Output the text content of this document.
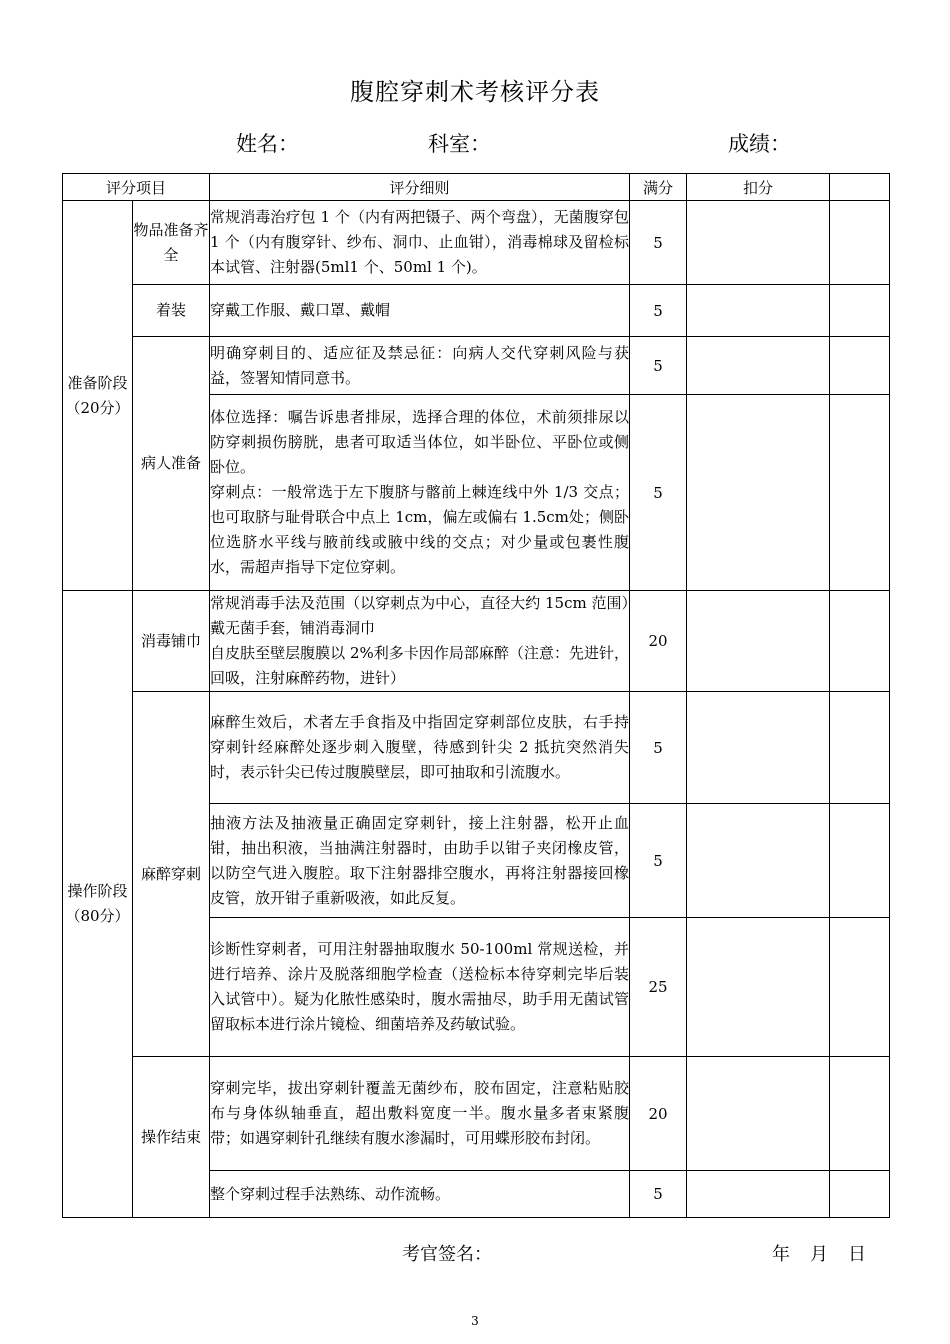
腹腔穿刺术考核评分表
姓名：	科室：	成绩：
评分项目		评分细则	满分	扣分	
准备阶段（20分）	物品准备齐全	常规消毒治疗包 1 个（内有两把镊子、两个弯盘），无菌腹穿包 1 个（内有腹穿针、纱布、洞巾、止血钳），消毒棉球及留检标本试管、注射器(5ml1 个、50ml 1 个)。	5		
	着装	穿戴工作服、戴口罩、戴帽	5		
	病人准备	明确穿刺目的、适应征及禁忌征：向病人交代穿刺风险与获益，签署知情同意书。	5		

		体位选择：嘱告诉患者排尿，选择合理的体位，术前须排尿以防穿刺损伤膀胱，患者可取适当体位，如半卧位、平卧位或侧卧位。
穿刺点：一般常选于左下腹脐与髂前上棘连线中外 1/3 交点；也可取脐与耻骨联合中点上 1cm，偏左或偏右 1.5cm处；侧卧位选脐水平线与腋前线或腋中线的交点；对少量或包裹性腹水，需超声指导下定位穿刺。	5		
操作阶段（80分）	消毒铺巾	常规消毒手法及范围（以穿刺点为中心，直径大约 15cm 范围）戴无菌手套，铺消毒洞巾
自皮肤至壁层腹膜以 2%利多卡因作局部麻醉（注意：先进针，回吸，注射麻醉药物，进针）	20		
	麻醉穿刺	麻醉生效后，术者左手食指及中指固定穿刺部位皮肤，右手持穿刺针经麻醉处逐步刺入腹壁，待感到针尖 2 抵抗突然消失时，表示针尖已传过腹膜壁层，即可抽取和引流腹水。	5		

		抽液方法及抽液量正确固定穿刺针，接上注射器，松开止血钳，抽出积液，当抽满注射器时，由助手以钳子夹闭橡皮管，以防空气进入腹腔。取下注射器排空腹水，再将注射器接回橡皮管，放开钳子重新吸液，如此反复。	5		

		诊断性穿刺者，可用注射器抽取腹水 50-100ml 常规送检，并进行培养、涂片及脱落细胞学检查（送检标本待穿刺完毕后装入试管中）。疑为化脓性感染时，腹水需抽尽，助手用无菌试管留取标本进行涂片镜检、细菌培养及药敏试验。	25		
	操作结束	穿刺完毕，拔出穿刺针覆盖无菌纱布，胶布固定，注意粘贴胶布与身体纵轴垂直，超出敷料宽度一半。腹水量多者束紧腹带；如遇穿刺针孔继续有腹水渗漏时，可用蝶形胶布封闭。	20		

		整个穿刺过程手法熟练、动作流畅。	5		
考官签名：	年　月　日
3
